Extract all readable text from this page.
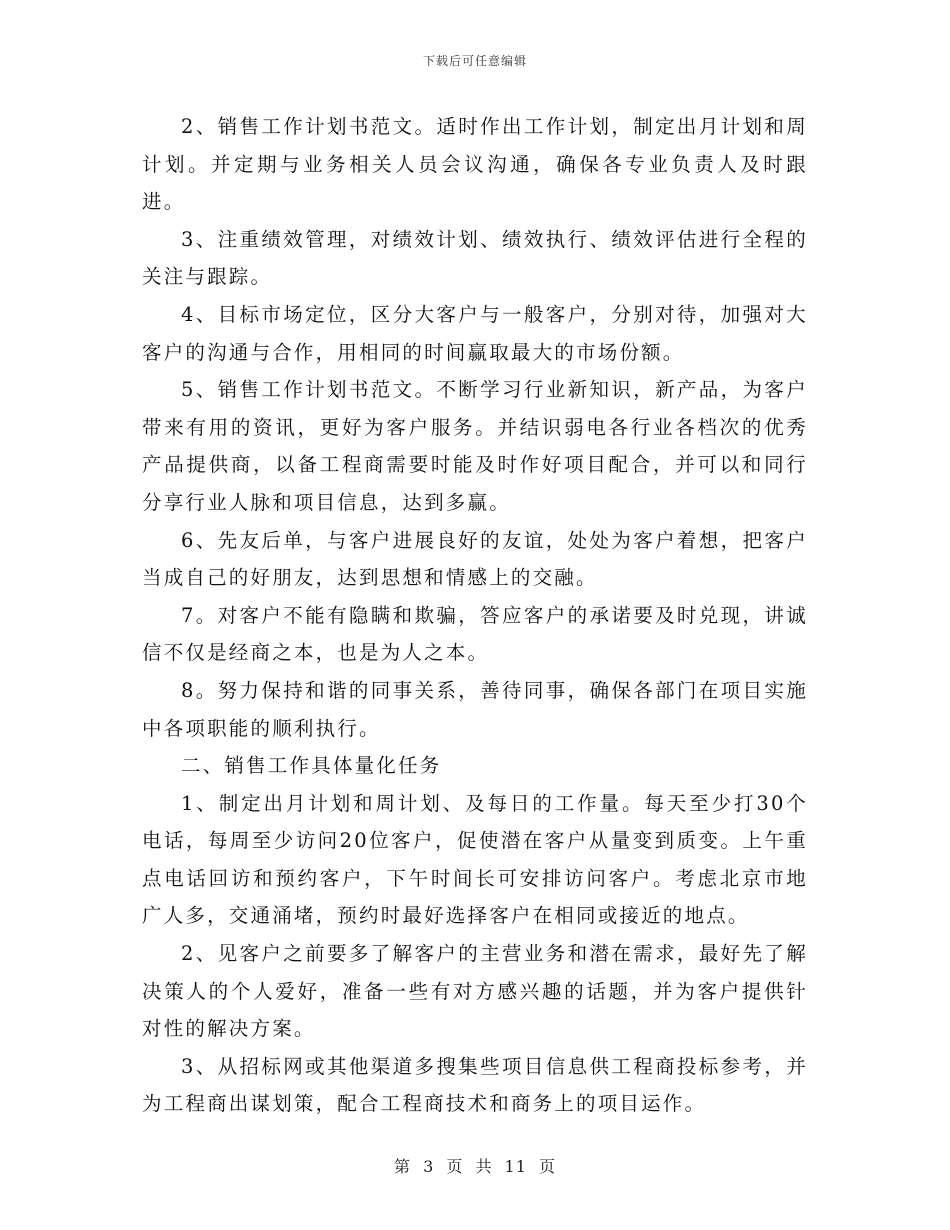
下载后可任意编辑

2、销售工作计划书范文。适时作出工作计划，制定出月计划和周计划。并定期与业务相关人员会议沟通，确保各专业负责人及时跟进。

3、注重绩效管理，对绩效计划、绩效执行、绩效评估进行全程的关注与跟踪。

4、目标市场定位，区分大客户与一般客户，分别对待，加强对大客户的沟通与合作，用相同的时间赢取最大的市场份额。

5、销售工作计划书范文。不断学习行业新知识，新产品，为客户带来有用的资讯，更好为客户服务。并结识弱电各行业各档次的优秀产品提供商，以备工程商需要时能及时作好项目配合，并可以和同行分享行业人脉和项目信息，达到多赢。

6、先友后单，与客户进展良好的友谊，处处为客户着想，把客户当成自己的好朋友，达到思想和情感上的交融。

7。对客户不能有隐瞒和欺骗，答应客户的承诺要及时兑现，讲诚信不仅是经商之本，也是为人之本。

8。努力保持和谐的同事关系，善待同事，确保各部门在项目实施中各项职能的顺利执行。

二、销售工作具体量化任务

1、制定出月计划和周计划、及每日的工作量。每天至少打30个电话，每周至少访问20位客户，促使潜在客户从量变到质变。上午重点电话回访和预约客户，下午时间长可安排访问客户。考虑北京市地广人多，交通涌堵，预约时最好选择客户在相同或接近的地点。

2、见客户之前要多了解客户的主营业务和潜在需求，最好先了解决策人的个人爱好，准备一些有对方感兴趣的话题，并为客户提供针对性的解决方案。

3、从招标网或其他渠道多搜集些项目信息供工程商投标参考，并为工程商出谋划策，配合工程商技术和商务上的项目运作。

第 3 页 共 11 页
